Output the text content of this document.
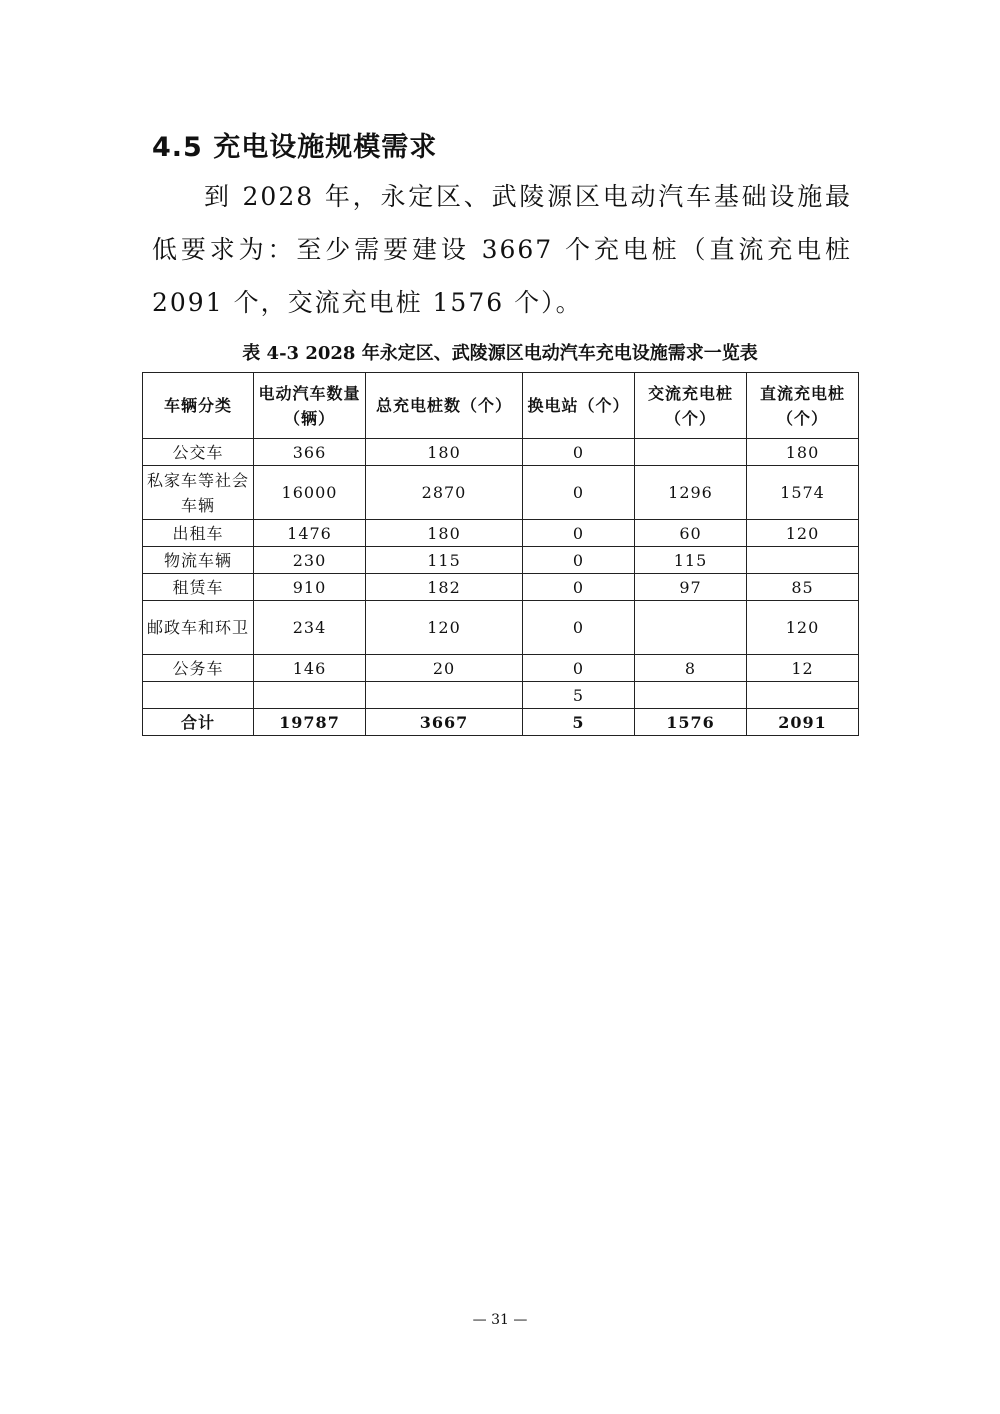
4.5 充电设施规模需求

到 2028 年，永定区、武陵源区电动汽车基础设施最低要求为：至少需要建设 3667 个充电桩（直流充电桩 2091 个，交流充电桩 1576 个）。

表 4-3 2028 年永定区、武陵源区电动汽车充电设施需求一览表
车辆分类	电动汽车数量（辆）	总充电桩数（个）	换电站（个）	交流充电桩（个）	直流充电桩（个）
公交车	366	180	0		180
私家车等社会车辆	16000	2870	0	1296	1574
出租车	1476	180	0	60	120
物流车辆	230	115	0	115	
租赁车	910	182	0	97	85
邮政车和环卫	234	120	0		120
公务车	146	20	0	8	12
			5		
合计	19787	3667	5	1576	2091
— 31 —
